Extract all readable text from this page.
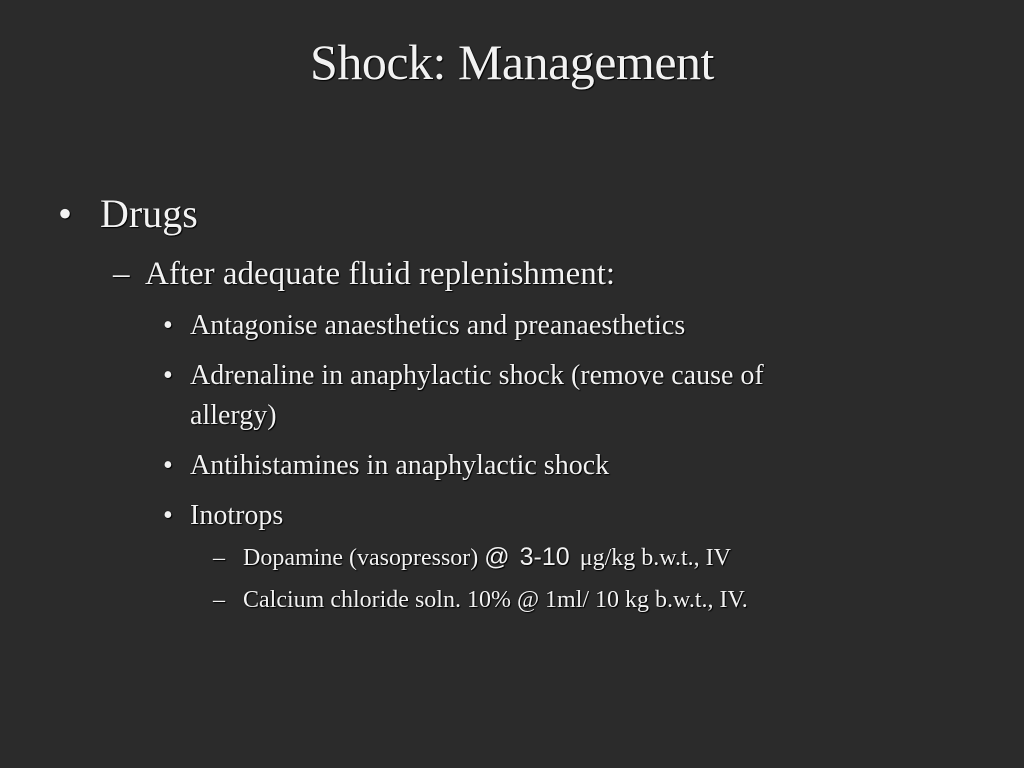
Shock: Management
• Drugs
– After adequate fluid replenishment:
• Antagonise anaesthetics and preanaesthetics
• Adrenaline in anaphylactic shock (remove cause of
allergy)
• Antihistamines in anaphylactic shock
• Inotrops
– Dopamine (vasopressor) @ 3-10 μg/kg b.w.t., IV
– Calcium chloride soln. 10% @ 1ml/ 10 kg b.w.t., IV.
